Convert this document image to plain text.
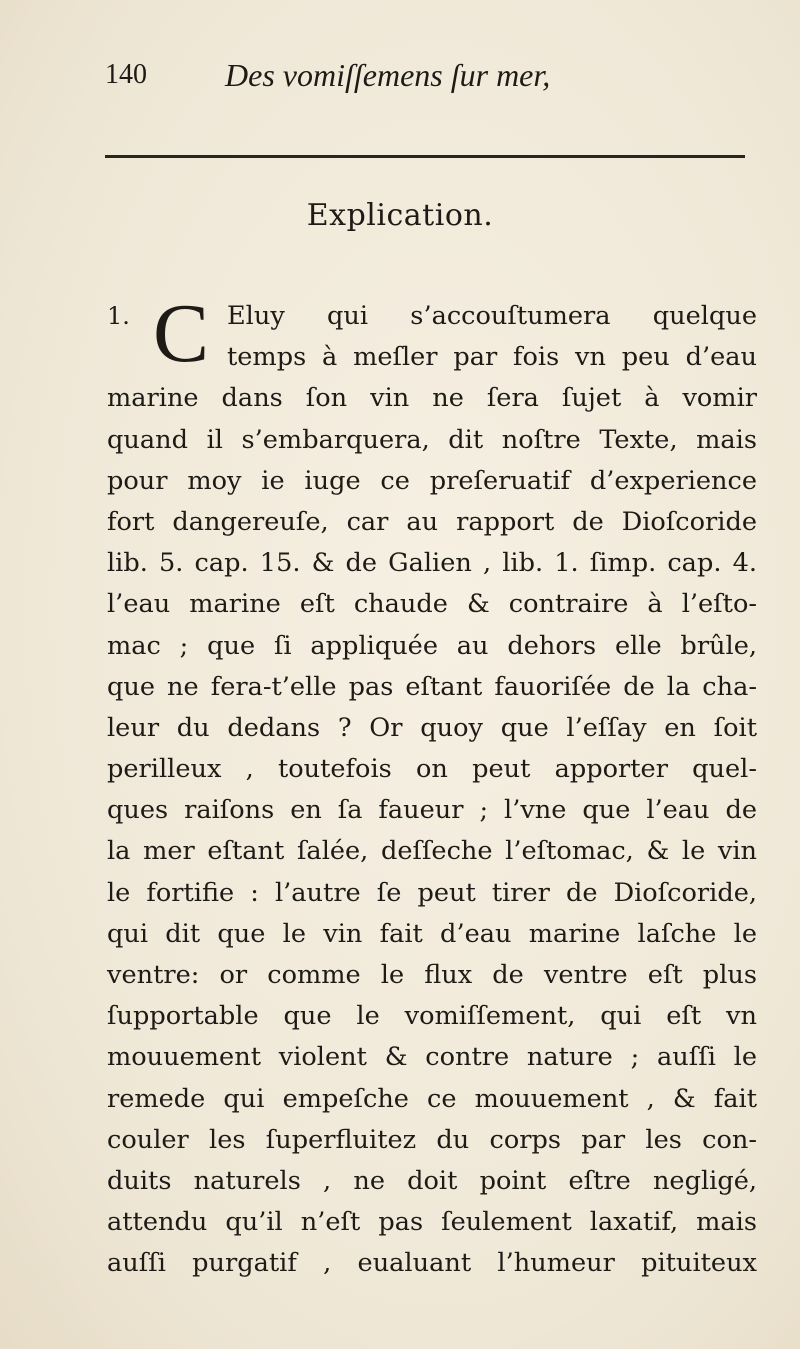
140 Des vomiſſemens ſur mer,
Explication.
C
1.	Eluy qui s’accouſtumera quelque
temps à meſler par fois vn peu d’eau
marine dans ſon vin ne ſera ſujet à vomir
quand il s’embarquera, dit noſtre Texte, mais
pour moy ie iuge ce preſeruatif d’experience
fort dangereuſe, car au rapport de Dioſcoride
lib. 5. cap. 15. & de Galien , lib. 1. ſimp. cap. 4.
l’eau marine eſt chaude & contraire à l’eſto-
mac ; que ſi appliquée au dehors elle brûle,
que ne fera-t’elle pas eſtant fauoriſée de la cha-
leur du dedans ? Or quoy que l’eſſay en ſoit
perilleux , toutefois on peut apporter quel-
ques raiſons en ſa faueur ; l’vne que l’eau de
la mer eſtant ſalée, deſſeche l’eſtomac, & le vin
le fortifie : l’autre ſe peut tirer de Dioſcoride,
qui dit que le vin fait d’eau marine laſche le
ventre: or comme le flux de ventre eſt plus
ſupportable que le vomiſſement, qui eſt vn
mouuement violent & contre nature ; auſſi le
remede qui empeſche ce mouuement , & fait
couler les ſuperfluitez du corps par les con-
duits naturels , ne doit point eſtre negligé,
attendu qu’il n’eſt pas ſeulement laxatif, mais
auſſi purgatif , eualuant l’humeur pituiteux
